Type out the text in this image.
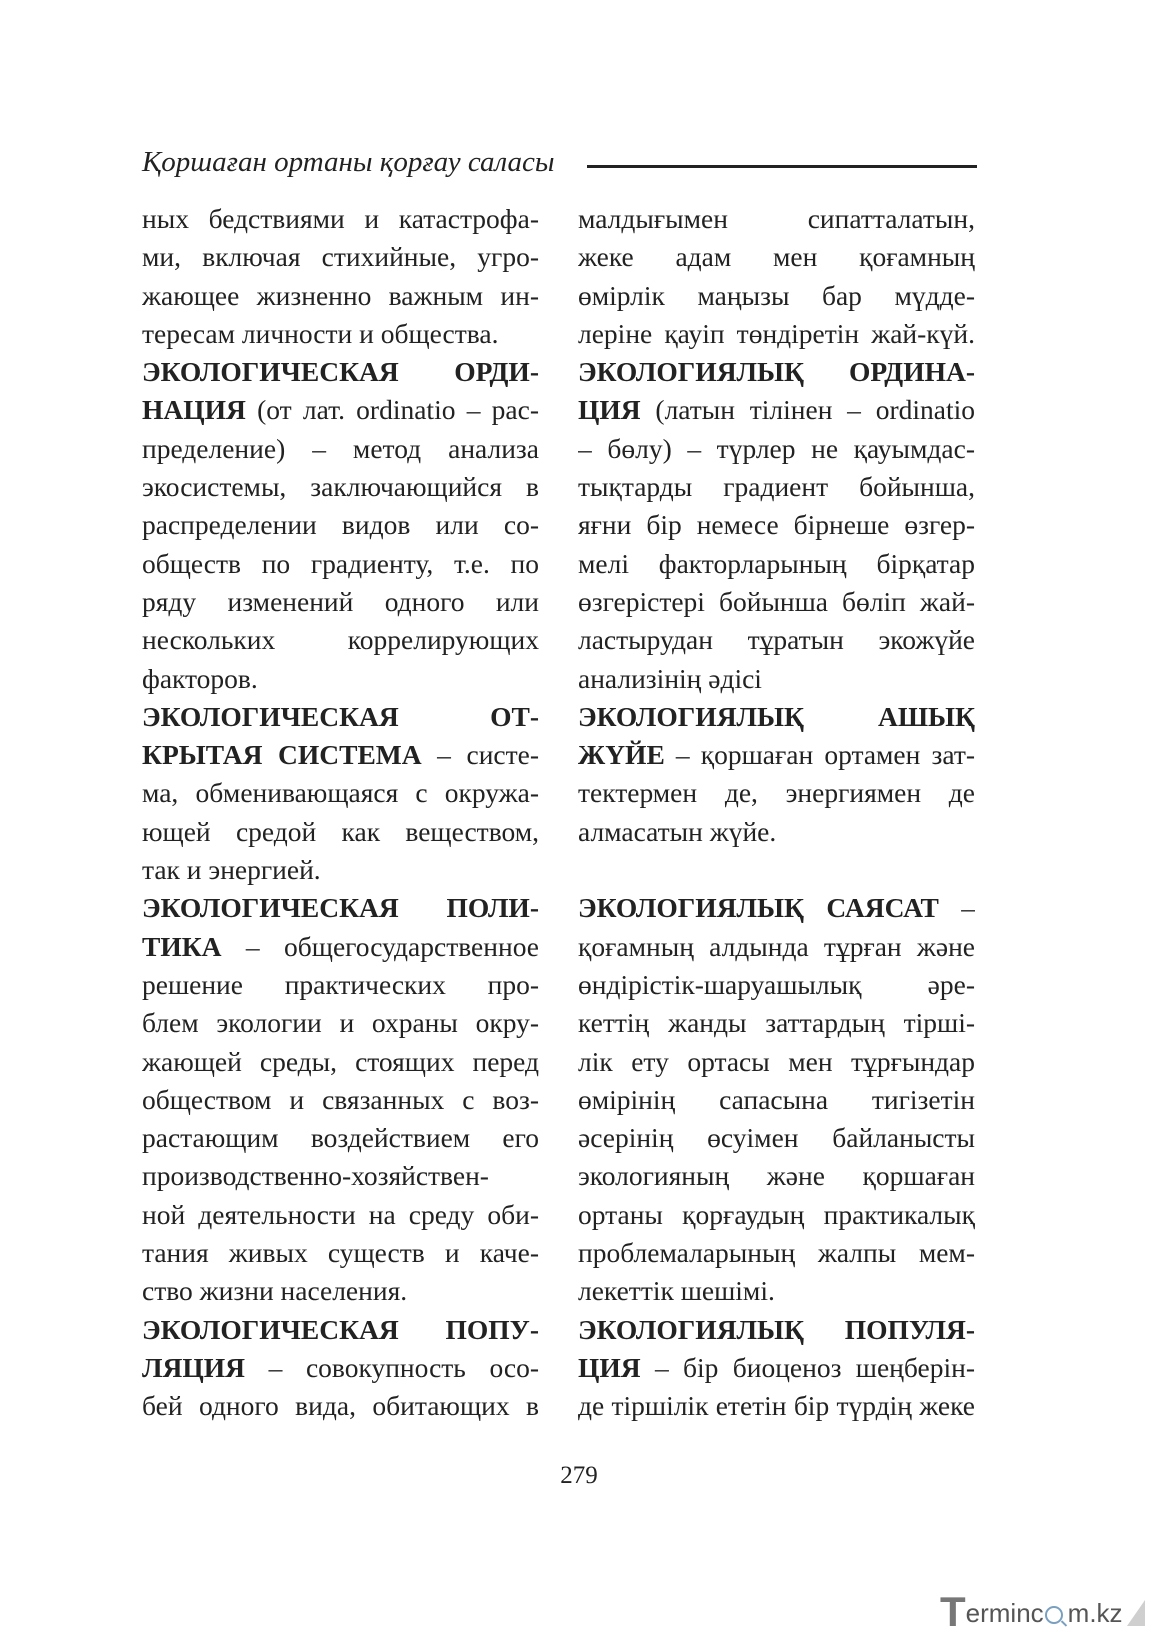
Қоршаған ортаны қорғау саласы
ных бедствиями и катастрофа-
ми, включая стихийные, угро-
жающее жизненно важным ин-
тересам личности и общества.
ЭКОЛОГИЧЕСКАЯ ОРДИ-
НАЦИЯ (от лат. ordinatio – рас-
пределение) – метод анализа
экосистемы, заключающийся в
распределении видов или со-
обществ по градиенту, т.е. по
ряду изменений одного или
нескольких коррелирующих
факторов.
ЭКОЛОГИЧЕСКАЯ ОТ-
КРЫТАЯ СИСТЕМА – систе-
ма, обменивающаяся с окружа-
ющей средой как веществом,
так и энергией.
ЭКОЛОГИЧЕСКАЯ ПОЛИ-
ТИКА – общегосударственное
решение практических про-
блем экологии и охраны окру-
жающей среды, стоящих перед
обществом и связанных с воз-
растающим воздействием его
производственно-хозяйствен-
ной деятельности на среду оби-
тания живых существ и каче-
ство жизни населения.
ЭКОЛОГИЧЕСКАЯ ПОПУ-
ЛЯЦИЯ – совокупность осо-
бей одного вида, обитающих в
малдығымен сипатталатын,
жеке адам мен қоғамның
өмірлік маңызы бар мүдде-
леріне қауіп төндіретін жай-күй.
ЭКОЛОГИЯЛЫҚ ОРДИНА-
ЦИЯ (латын тілінен – ordinatio
– бөлу) – түрлер не қауымдас-
тықтарды градиент бойынша,
яғни бір немесе бірнеше өзгер-
мелі факторларының бірқатар
өзгерістері бойынша бөліп жай-
ластырудан тұратын экожүйе
анализінің әдісі
ЭКОЛОГИЯЛЫҚ АШЫҚ
ЖҮЙЕ – қоршаған ортамен зат-
тектермен де, энергиямен де
алмасатын жүйе.
ЭКОЛОГИЯЛЫҚ САЯСАТ –
қоғамның алдында тұрған және
өндірістік-шаруашылық әре-
кеттің жанды заттардың тірші-
лік ету ортасы мен тұрғындар
өмірінің сапасына тигізетін
әсерінің өсуімен байланысты
экологияның және қоршаған
ортаны қорғаудың практикалық
проблемаларының жалпы мем-
лекеттік шешімі.
ЭКОЛОГИЯЛЫҚ ПОПУЛЯ-
ЦИЯ – бір биоценоз шеңберін-
де тіршілік ететін бір түрдің жеке
279
Terminc m.kz
